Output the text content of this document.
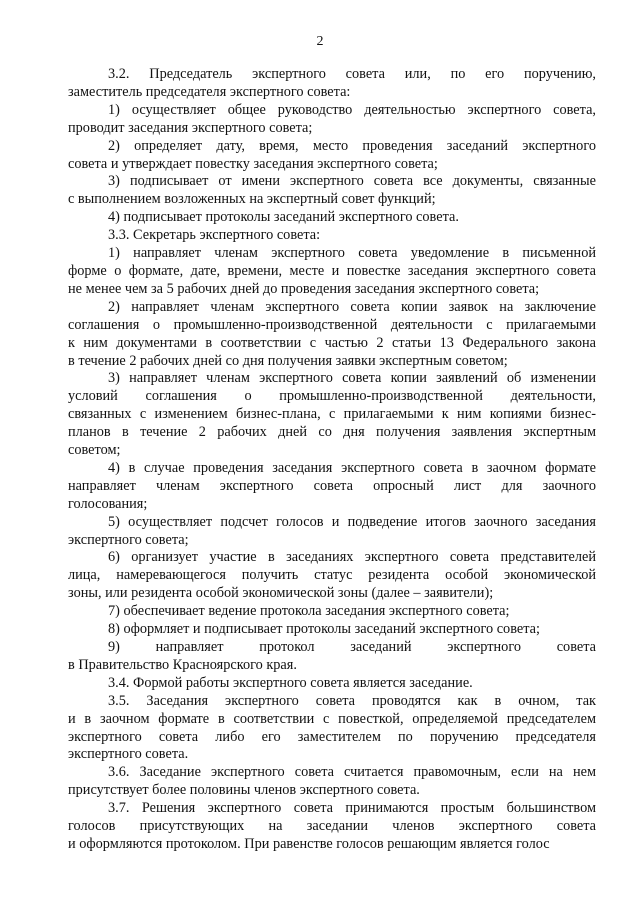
2
3.2. Председатель экспертного совета или, по его поручению,
заместитель председателя экспертного совета:
1) осуществляет общее руководство деятельностью экспертного совета,
проводит заседания экспертного совета;
2) определяет дату, время, место проведения заседаний экспертного
совета и утверждает повестку заседания экспертного совета;
3) подписывает от имени экспертного совета все документы, связанные
с выполнением возложенных на экспертный совет функций;
4) подписывает протоколы заседаний экспертного совета.
3.3. Секретарь экспертного совета:
1) направляет членам экспертного совета уведомление в письменной
форме о формате, дате, времени, месте и повестке заседания экспертного совета
не менее чем за 5 рабочих дней до проведения заседания экспертного совета;
2) направляет членам экспертного совета копии заявок на заключение
соглашения о промышленно-производственной деятельности с прилагаемыми
к ним документами в соответствии с частью 2 статьи 13 Федерального закона
в течение 2 рабочих дней со дня получения заявки экспертным советом;
3) направляет членам экспертного совета копии заявлений об изменении
условий соглашения о промышленно-производственной деятельности,
связанных с изменением бизнес-плана, с прилагаемыми к ним копиями бизнес-
планов в течение 2 рабочих дней со дня получения заявления экспертным
советом;
4) в случае проведения заседания экспертного совета в заочном формате
направляет членам экспертного совета опросный лист для заочного
голосования;
5) осуществляет подсчет голосов и подведение итогов заочного заседания
экспертного совета;
6) организует участие в заседаниях экспертного совета представителей
лица, намеревающегося получить статус резидента особой экономической
зоны, или резидента особой экономической зоны (далее – заявители);
7) обеспечивает ведение протокола заседания экспертного совета;
8) оформляет и подписывает протоколы заседаний экспертного совета;
9) направляет протокол заседаний экспертного совета
в Правительство Красноярского края.
3.4. Формой работы экспертного совета является заседание.
3.5. Заседания экспертного совета проводятся как в очном, так
и в заочном формате в соответствии с повесткой, определяемой председателем
экспертного совета либо его заместителем по поручению председателя
экспертного совета.
3.6. Заседание экспертного совета считается правомочным, если на нем
присутствует более половины членов экспертного совета.
3.7. Решения экспертного совета принимаются простым большинством
голосов присутствующих на заседании членов экспертного совета
и оформляются протоколом. При равенстве голосов решающим является голос
